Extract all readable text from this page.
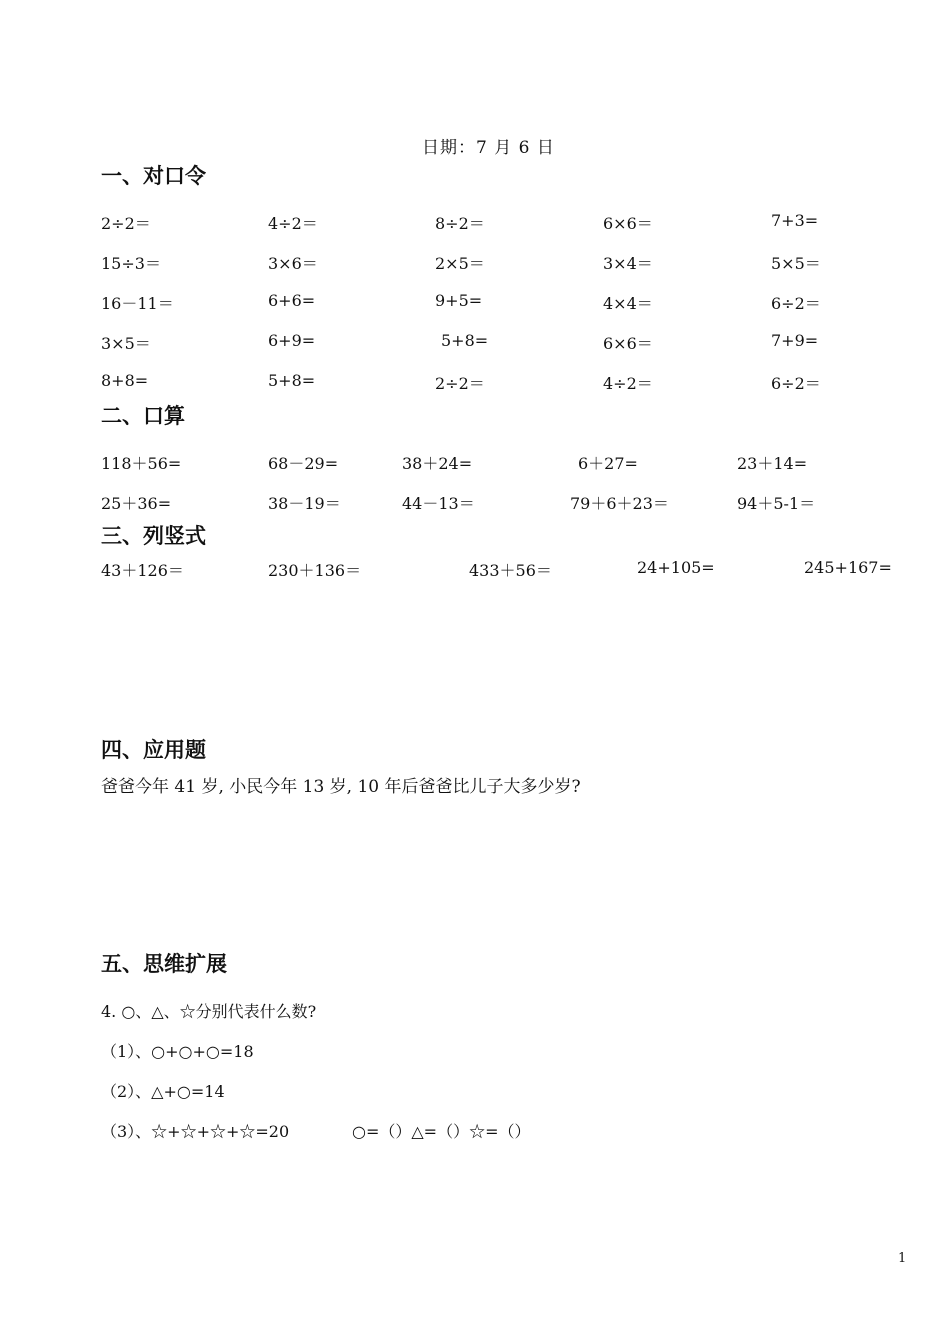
日期：7 月 6 日
一、对口令
2÷2＝	4÷2＝	8÷2＝	6×6＝	7+3=
15÷3＝	3×6＝	2×5＝	3×4＝	5×5＝
16－11＝	6+6=	9+5=	4×4＝	6÷2＝
3×5＝	6+9=	5+8=	6×6＝	7+9=
8+8=	5+8=	2÷2＝	4÷2＝	6÷2＝
二、口算
118＋56=	68－29=	38＋24=	6＋27=	23＋14=
25＋36=	38－19＝	44－13＝	79＋6＋23＝	94＋5-1＝
三、列竖式
43＋126＝	230＋136＝	433＋56＝	24+105=	245+167=
四、应用题
爸爸今年 41 岁, 小民今年 13 岁, 10 年后爸爸比儿子大多少岁?
五、思维扩展
4. ○、△、☆分别代表什么数?
（1）、○+○+○=18
（2）、△+○=14
（3）、☆+☆+☆+☆=20	○=（）△=（）☆=（）
1
